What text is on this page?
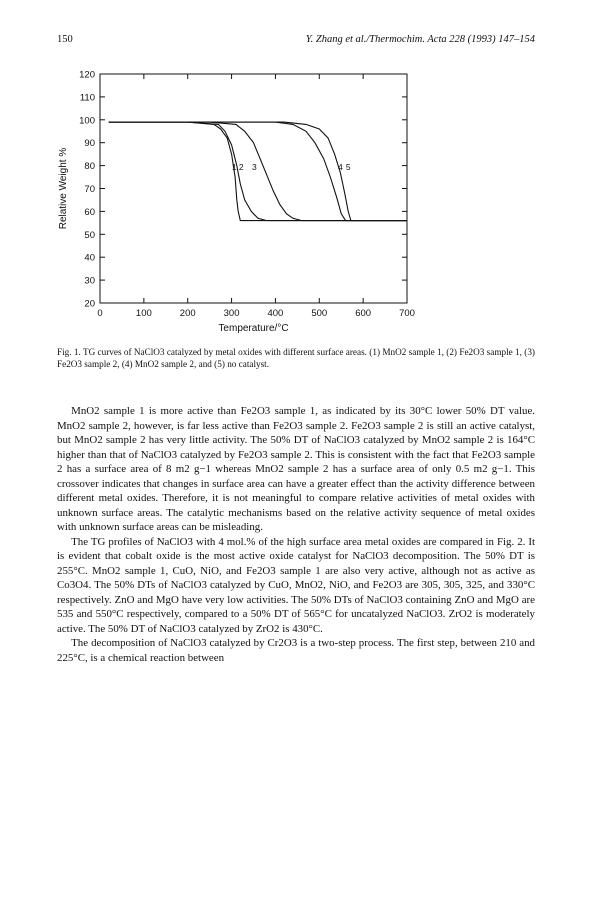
150	Y. Zhang et al./Thermochim. Acta 228 (1993) 147–154
0	100	200	300	400	500	600	700
20
30
40
50
60
70
80
90
100
110
120
Temperature/°C
Relative Weight %	1 2 3	4 5
Fig. 1. TG curves of NaClO3 catalyzed by metal oxides with different surface areas. (1) MnO2 sample 1, (2) Fe2O3 sample 1, (3) Fe2O3 sample 2, (4) MnO2 sample 2, and (5) no catalyst.

MnO2 sample 1 is more active than Fe2O3 sample 1, as indicated by its 30°C lower 50% DT value. MnO2 sample 2, however, is far less active than Fe2O3 sample 2. Fe2O3 sample 2 is still an active catalyst, but MnO2 sample 2 has very little activity. The 50% DT of NaClO3 catalyzed by MnO2 sample 2 is 164°C higher than that of NaClO3 catalyzed by Fe2O3 sample 2. This is consistent with the fact that Fe2O3 sample 2 has a surface area of 8 m2 g−1 whereas MnO2 sample 2 has a surface area of only 0.5 m2 g−1. This crossover indicates that changes in surface area can have a greater effect than the activity difference between different metal oxides. Therefore, it is not meaningful to compare relative activities of metal oxides with unknown surface areas. The catalytic mechanisms based on the relative activity sequence of metal oxides with unknown surface areas can be misleading.

The TG profiles of NaClO3 with 4 mol.% of the high surface area metal oxides are compared in Fig. 2. It is evident that cobalt oxide is the most active oxide catalyst for NaClO3 decomposition. The 50% DT is 255°C. MnO2 sample 1, CuO, NiO, and Fe2O3 sample 1 are also very active, although not as active as Co3O4. The 50% DTs of NaClO3 catalyzed by CuO, MnO2, NiO, and Fe2O3 are 305, 305, 325, and 330°C respectively. ZnO and MgO have very low activities. The 50% DTs of NaClO3 containing ZnO and MgO are 535 and 550°C respectively, compared to a 50% DT of 565°C for uncatalyzed NaClO3. ZrO2 is moderately active. The 50% DT of NaClO3 catalyzed by ZrO2 is 430°C.

The decomposition of NaClO3 catalyzed by Cr2O3 is a two-step process. The first step, between 210 and 225°C, is a chemical reaction between
